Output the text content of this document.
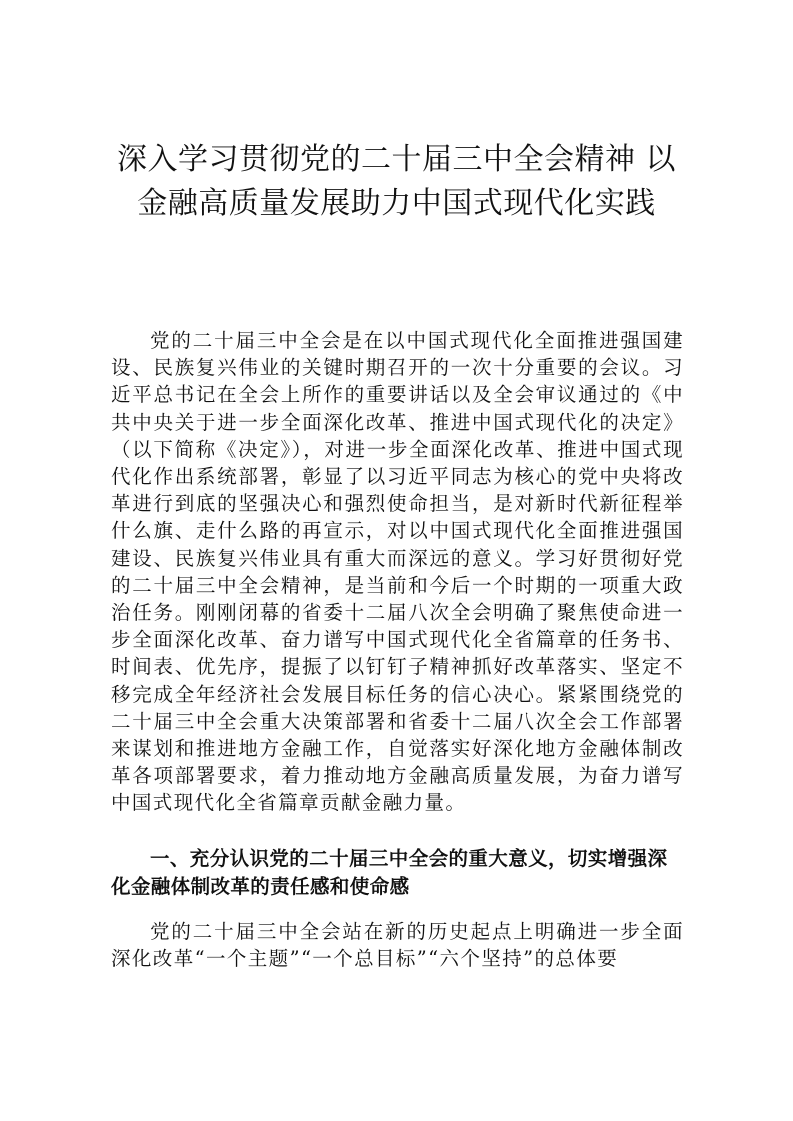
深入学习贯彻党的二十届三中全会精神 以金融高质量发展助力中国式现代化实践

党的二十届三中全会是在以中国式现代化全面推进强国建设、民族复兴伟业的关键时期召开的一次十分重要的会议。习近平总书记在全会上所作的重要讲话以及全会审议通过的《中共中央关于进一步全面深化改革、推进中国式现代化的决定》（以下简称《决定》），对进一步全面深化改革、推进中国式现代化作出系统部署，彰显了以习近平同志为核心的党中央将改革进行到底的坚强决心和强烈使命担当，是对新时代新征程举什么旗、走什么路的再宣示，对以中国式现代化全面推进强国建设、民族复兴伟业具有重大而深远的意义。学习好贯彻好党的二十届三中全会精神，是当前和今后一个时期的一项重大政治任务。刚刚闭幕的省委十二届八次全会明确了聚焦使命进一步全面深化改革、奋力谱写中国式现代化全省篇章的任务书、时间表、优先序，提振了以钉钉子精神抓好改革落实、坚定不移完成全年经济社会发展目标任务的信心决心。紧紧围绕党的二十届三中全会重大决策部署和省委十二届八次全会工作部署来谋划和推进地方金融工作，自觉落实好深化地方金融体制改革各项部署要求，着力推动地方金融高质量发展，为奋力谱写中国式现代化全省篇章贡献金融力量。

一、充分认识党的二十届三中全会的重大意义，切实增强深化金融体制改革的责任感和使命感

党的二十届三中全会站在新的历史起点上明确进一步全面深化改革“一个主题”“一个总目标”“六个坚持”的总体要
